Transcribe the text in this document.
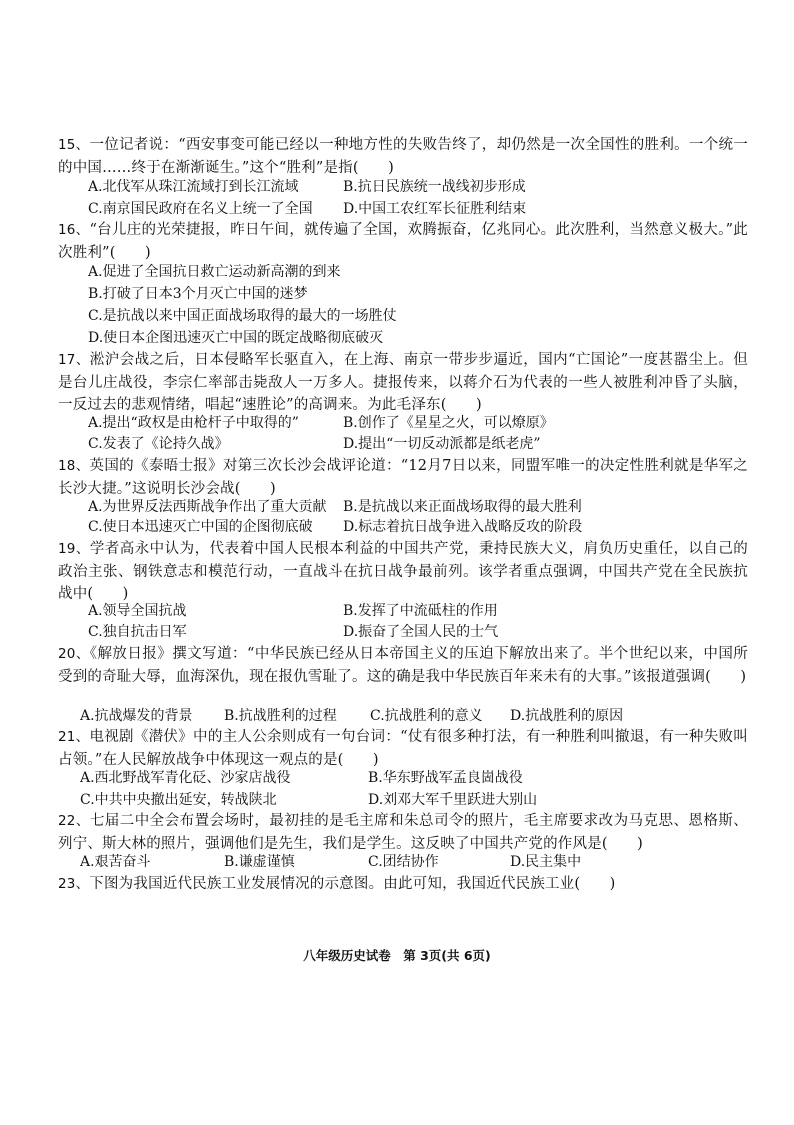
15、一位记者说：“西安事变可能已经以一种地方性的失败告终了，却仍然是一次全国性的胜利。一个统一的中国……终于在渐渐诞生。”这个“胜利”是指(　　)
A.北伐军从珠江流域打到长江流域	B.抗日民族统一战线初步形成
C.南京国民政府在名义上统一了全国 D.中国工农红军长征胜利结束
16、“台儿庄的光荣捷报，昨日午间，就传遍了全国，欢腾振奋，亿兆同心。此次胜利，当然意义极大。”此次胜利”(　　)
A.促进了全国抗日救亡运动新高潮的到来
B.打破了日本3个月灭亡中国的迷梦
C.是抗战以来中国正面战场取得的最大的一场胜仗
D.使日本企图迅速灭亡中国的既定战略彻底破灭
17、淞沪会战之后，日本侵略军长驱直入，在上海、南京一带步步逼近，国内“亡国论”一度甚嚣尘上。但是台儿庄战役，李宗仁率部击毙敌人一万多人。捷报传来，以蒋介石为代表的一些人被胜利冲昏了头脑，一反过去的悲观情绪，唱起“速胜论”的高调来。为此毛泽东(　　)
A.提出“政权是由枪杆子中取得的”	B.创作了《星星之火，可以燎原》
C.发表了《论持久战》	D.提出“一切反动派都是纸老虎”
18、英国的《泰晤士报》对第三次长沙会战评论道：“12月7日以来，同盟军唯一的决定性胜利就是华军之长沙大捷。”这说明长沙会战(　　)
A.为世界反法西斯战争作出了重大贡献 B.是抗战以来正面战场取得的最大胜利
C.使日本迅速灭亡中国的企图彻底破 D.标志着抗日战争进入战略反攻的阶段
19、学者高永中认为，代表着中国人民根本利益的中国共产党，秉持民族大义，肩负历史重任，以自己的政治主张、钢铁意志和模范行动，一直战斗在抗日战争最前列。该学者重点强调，中国共产党在全民族抗战中(　　)
A.领导全国抗战	B.发挥了中流砥柱的作用
C.独自抗击日军	D.振奋了全国人民的士气
20、《解放日报》撰文写道：“中华民族已经从日本帝国主义的压迫下解放出来了。半个世纪以来，中国所受到的奇耻大辱，血海深仇，现在报仇雪耻了。这的确是我中华民族百年来未有的大事。”该报道强调(　　)
A.抗战爆发的背景 B.抗战胜利的过程 C.抗战胜利的意义 D.抗战胜利的原因
21、电视剧《潜伏》中的主人公余则成有一句台词：“仗有很多种打法，有一种胜利叫撤退，有一种失败叫占领。”在人民解放战争中体现这一观点的是(　　)
A.西北野战军青化砭、沙家店战役	B.华东野战军孟良崮战役
C.中共中央撤出延安，转战陕北	D.刘邓大军千里跃进大别山
22、七届二中全会布置会场时，最初挂的是毛主席和朱总司令的照片，毛主席要求改为马克思、恩格斯、列宁、斯大林的照片，强调他们是先生，我们是学生。这反映了中国共产党的作风是(　　)
A.艰苦奋斗	B.谦虚谨慎	C.团结协作	D.民主集中
23、下图为我国近代民族工业发展情况的示意图。由此可知，我国近代民族工业(　　)
八年级历史试卷　第 3页(共 6页)
